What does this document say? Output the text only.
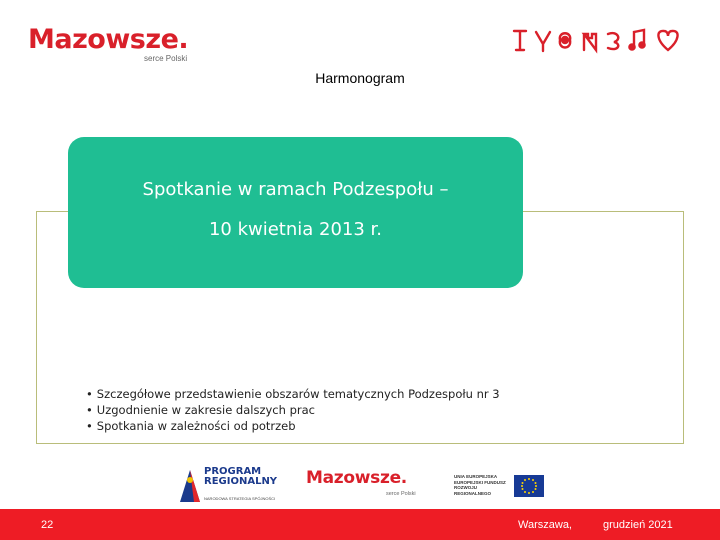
Mazowsze.
serce Polski
Harmonogram
Spotkanie w ramach Podzespołu –
10 kwietnia 2013 r.
• Szczegółowe przedstawienie obszarów tematycznych Podzespołu nr 3
• Uzgodnienie w zakresie dalszych prac
• Spotkania w zależności od potrzeb
PROGRAM
REGIONALNY
NARODOWA STRATEGIA SPÓJNOŚCI
Mazowsze.
serce Polski
UNIA EUROPEJSKA EUROPEJSKI FUNDUSZ ROZWOJU REGIONALNEGO
22	Warszawa,	grudzień 2021
